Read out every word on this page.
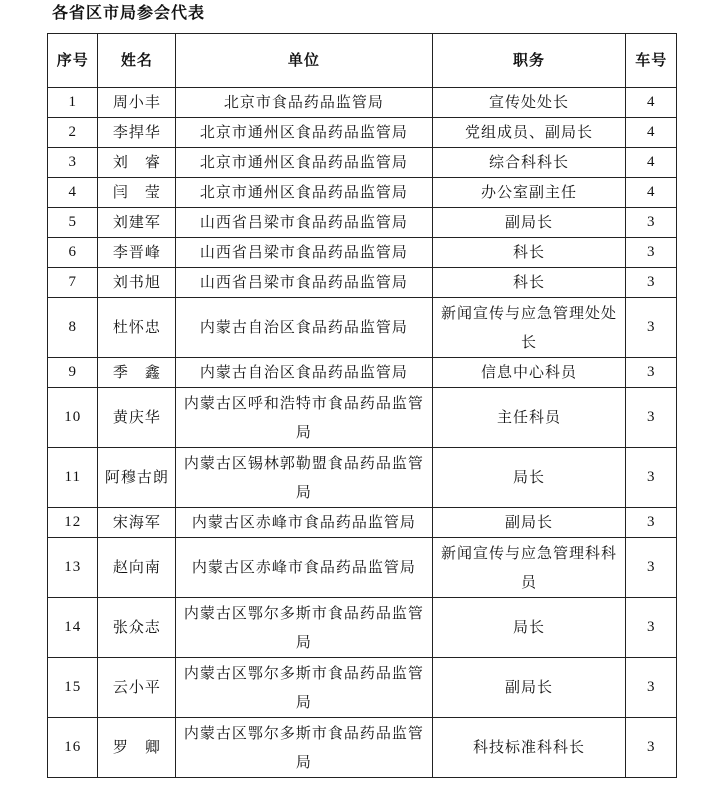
各省区市局参会代表
序号	姓名	单位	职务	车号
1	周小丰	北京市食品药品监管局	宣传处处长	4
2	李捍华	北京市通州区食品药品监管局	党组成员、副局长	4
3	刘　睿	北京市通州区食品药品监管局	综合科科长	4
4	闫　莹	北京市通州区食品药品监管局	办公室副主任	4
5	刘建军	山西省吕梁市食品药品监管局	副局长	3
6	李晋峰	山西省吕梁市食品药品监管局	科长	3
7	刘书旭	山西省吕梁市食品药品监管局	科长	3
8	杜怀忠	内蒙古自治区食品药品监管局	新闻宣传与应急管理处处长	3
9	季　鑫	内蒙古自治区食品药品监管局	信息中心科员	3
10	黄庆华	内蒙古区呼和浩特市食品药品监管局	主任科员	3
11	阿穆古朗	内蒙古区锡林郭勒盟食品药品监管局	局长	3
12	宋海军	内蒙古区赤峰市食品药品监管局	副局长	3
13	赵向南	内蒙古区赤峰市食品药品监管局	新闻宣传与应急管理科科员	3
14	张众志	内蒙古区鄂尔多斯市食品药品监管局	局长	3
15	云小平	内蒙古区鄂尔多斯市食品药品监管局	副局长	3
16	罗　卿	内蒙古区鄂尔多斯市食品药品监管局	科技标准科科长	3
